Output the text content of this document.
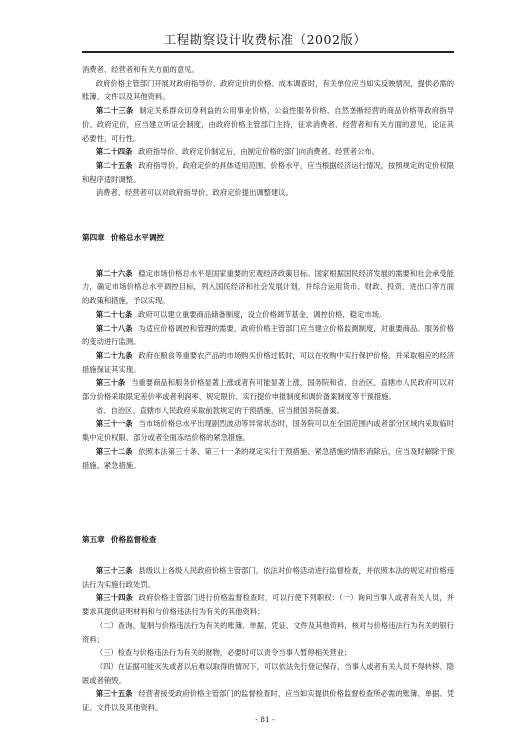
工程勘察设计收费标准（2002版）

消费者、经营者和有关方面的意见。

政府价格主管部门开展对政府指导价、政府定价的价格、成本调查时，有关单位应当如实反映情况，提供必需的账簿、文件以及其他资料。

第二十三条 制定关系群众切身利益的公用事业价格、公益性服务价格、自然垄断经营的商品价格等政府指导价、政府定价，应当建立听证会制度，由政府价格主管部门主持，征求消费者、经营者和有关方面的意见，论证其必要性、可行性。

第二十四条 政府指导价、政府定价制定后，由制定价格的部门向消费者、经营者公布。

第二十五条 政府指导价、政府定价的具体适用范围、价格水平，应当根据经济运行情况，按照规定的定价权限和程序适时调整。

消费者、经营者可以对政府指导价、政府定价提出调整建议。

第四章 价格总水平调控

第二十六条 稳定市场价格总水平是国家重要的宏观经济政策目标。国家根据国民经济发展的需要和社会承受能力，确定市场价格总水平调控目标，列入国民经济和社会发展计划，并综合运用货币、财政、投资、进出口等方面的政策和措施，予以实现。

第二十七条 政府可以建立重要商品储备制度，设立价格调节基金，调控价格，稳定市场。

第二十八条 为适应价格调控和管理的需要，政府价格主管部门应当建立价格监测制度，对重要商品、服务价格的变动进行监测。

第二十九条 政府在粮食等重要农产品的市场购买价格过低时，可以在收购中实行保护价格，并采取相应的经济措施保证其实现。

第三十条 当重要商品和服务价格显著上涨或者有可能显著上涨，国务院和省、自治区、直辖市人民政府可以对部分价格采取限定差价率或者利润率、规定限价、实行提价申报制度和调价备案制度等干预措施。

省、自治区、直辖市人民政府采取前款规定的干预措施，应当报国务院备案。

第三十一条 当市场价格总水平出现剧烈波动等异常状态时，国务院可以在全国范围内或者部分区域内采取临时集中定价权限、部分或者全面冻结价格的紧急措施。

第三十二条 依照本法第三十条、第三十一条的规定实行干预措施、紧急措施的情形消除后，应当及时解除干预措施、紧急措施。

第五章 价格监督检查

第三十三条 县级以上各级人民政府价格主管部门，依法对价格活动进行监督检查，并依照本法的规定对价格违法行为实施行政处罚。

第三十四条 政府价格主管部门进行价格监督检查时，可以行使下列职权：（一）询问当事人或者有关人员，并要求其提供证明材料和与价格违法行为有关的其他资料；

（二）查询、复制与价格违法行为有关的账簿、单据、凭证、文件及其他资料，核对与价格违法行为有关的银行资料；

（三）检查与价格违法行为有关的财物，必要时可以责令当事人暂停相关营业；

（四）在证据可能灭失或者以后难以取得的情况下，可以依法先行登记保存，当事人或者有关人员不得转移、隐匿或者销毁。

第三十五条 经营者接受政府价格主管部门的监督检查时，应当如实提供价格监督检查所必需的账簿、单据、凭证、文件以及其他资料。

- 81 -
